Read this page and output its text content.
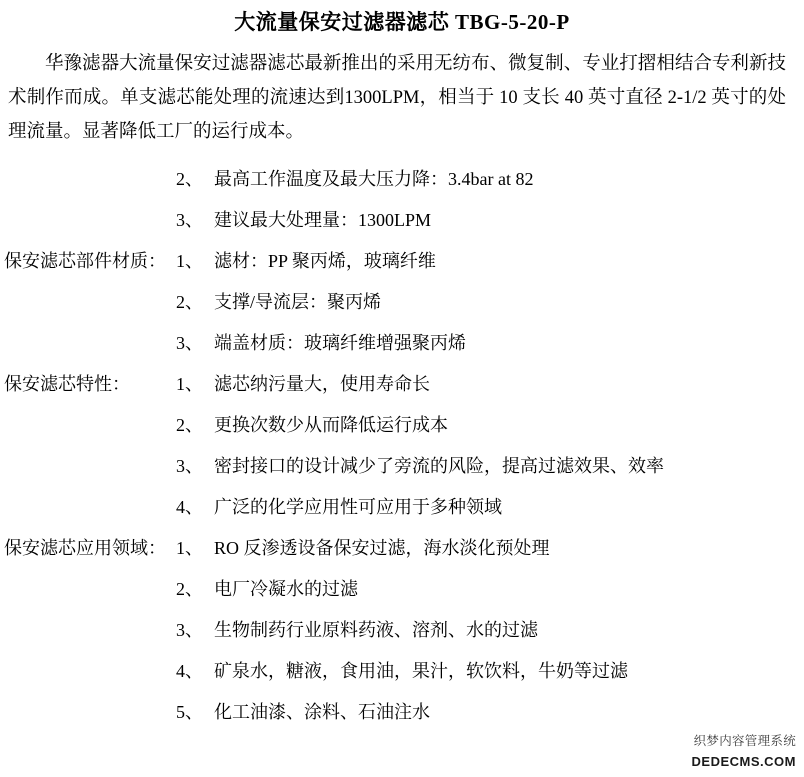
大流量保安过滤器滤芯 TBG-5-20-P

华豫滤器大流量保安过滤器滤芯最新推出的采用无纺布、微复制、专业打摺相结合专利新技术制作而成。单支滤芯能处理的流速达到1300LPM，相当于 10 支长 40 英寸直径 2-1/2 英寸的处理流量。显著降低工厂的运行成本。

2、 最高工作温度及最大压力降：3.4bar at 82
3、 建议最大处理量：1300LPM
保安滤芯部件材质： 1、 滤材：PP 聚丙烯，玻璃纤维
2、 支撑/导流层：聚丙烯
3、 端盖材质：玻璃纤维增强聚丙烯
保安滤芯特性：	1、 滤芯纳污量大，使用寿命长
2、 更换次数少从而降低运行成本
3、 密封接口的设计减少了旁流的风险，提高过滤效果、效率
4、 广泛的化学应用性可应用于多种领域
保安滤芯应用领域： 1、 RO 反渗透设备保安过滤，海水淡化预处理
2、 电厂冷凝水的过滤
3、 生物制药行业原料药液、溶剂、水的过滤
4、 矿泉水，糖液，食用油，果汁，软饮料，牛奶等过滤
5、 化工油漆、涂料、石油注水
织梦内容管理系统
DEDECMS.COM
